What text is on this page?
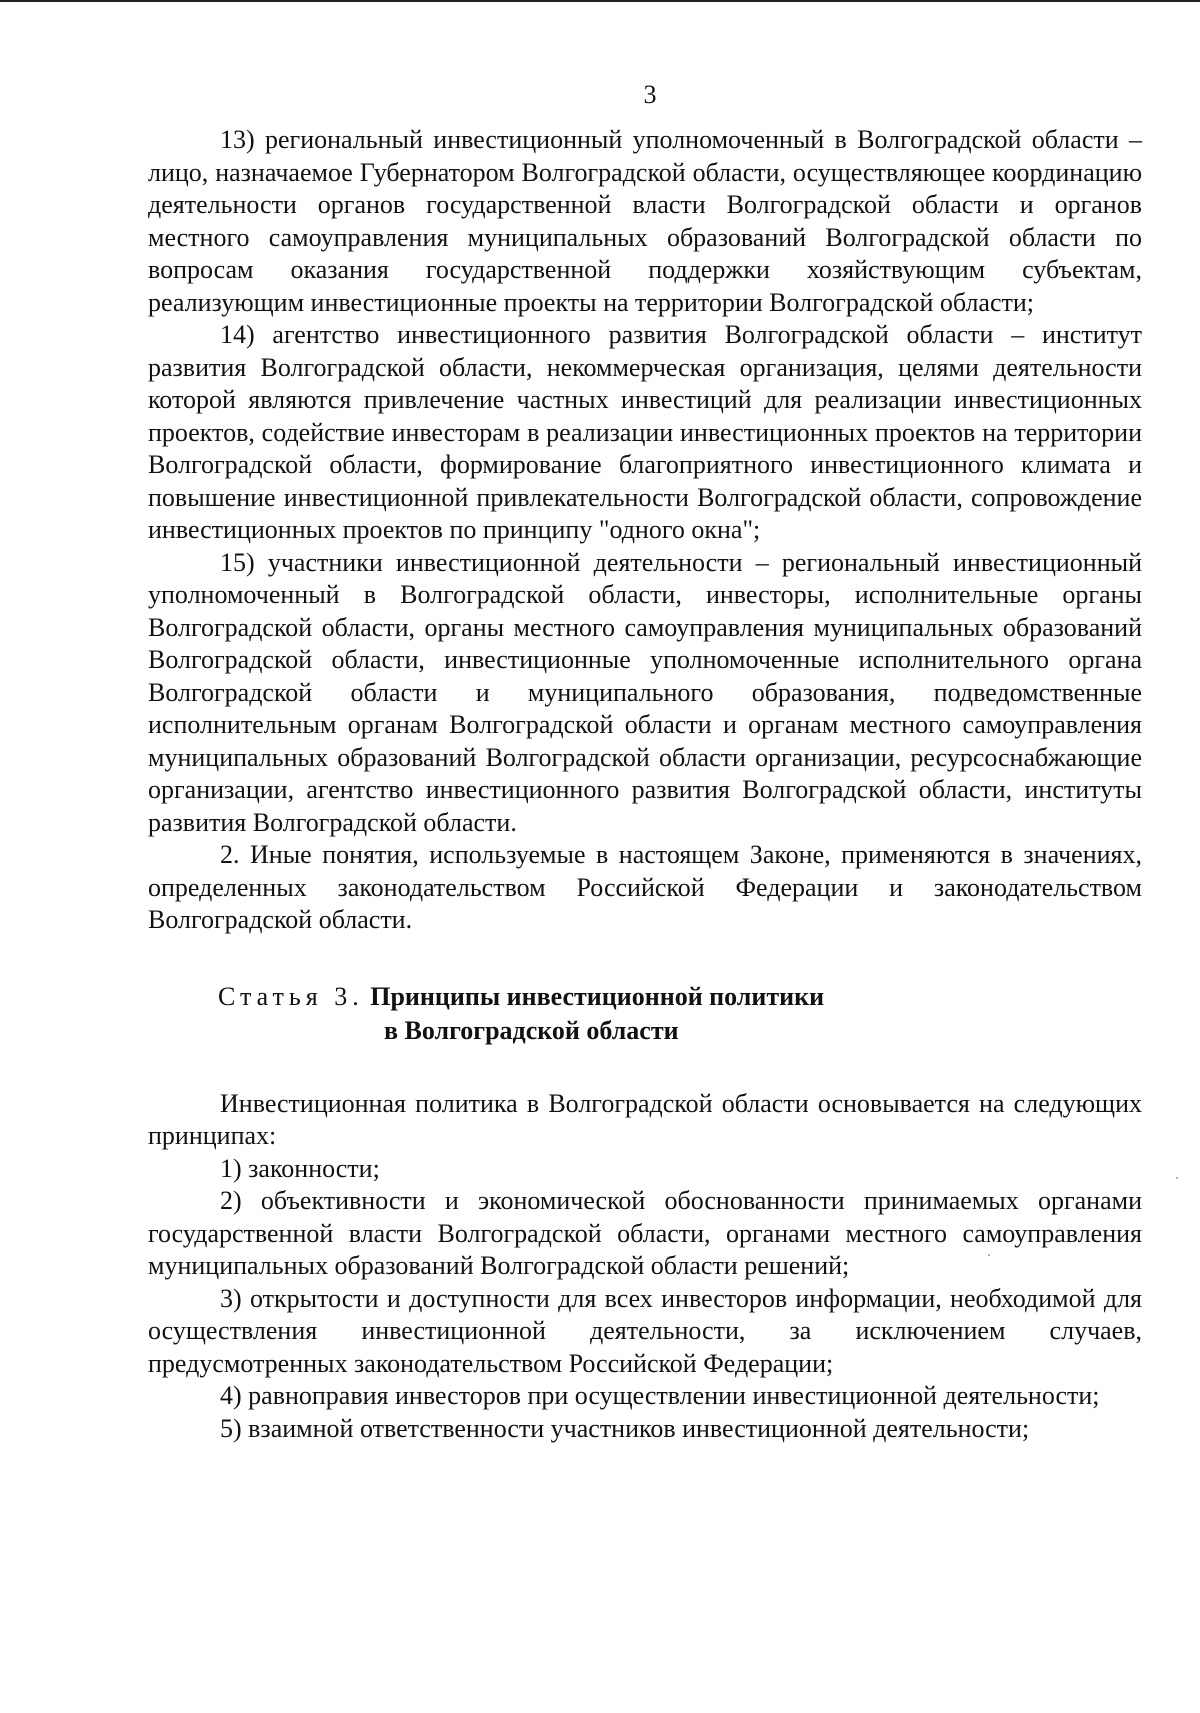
3

13) региональный инвестиционный уполномоченный в Волгоградской области – лицо, назначаемое Губернатором Волгоградской области, осуществляющее координацию деятельности органов государственной власти Волгоградской области и органов местного самоуправления муниципальных образований Волгоградской области по вопросам оказания государственной поддержки хозяйствующим субъектам, реализующим инвестиционные проекты на территории Волгоградской области;

14) агентство инвестиционного развития Волгоградской области – институт развития Волгоградской области, некоммерческая организация, целями деятельности которой являются привлечение частных инвестиций для реализации инвестиционных проектов, содействие инвесторам в реализации инвестиционных проектов на территории Волгоградской области, формирование благоприятного инвестиционного климата и повышение инвестиционной привлекательности Волгоградской области, сопровождение инвестиционных проектов по принципу "одного окна";

15) участники инвестиционной деятельности – региональный инвестиционный уполномоченный в Волгоградской области, инвесторы, исполнительные органы Волгоградской области, органы местного самоуправления муниципальных образований Волгоградской области, инвестиционные уполномоченные исполнительного органа Волгоградской области и муниципального образования, подведомственные исполнительным органам Волгоградской области и органам местного самоуправления муниципальных образований Волгоградской области организации, ресурсоснабжающие организации, агентство инвестиционного развития Волгоградской области, институты развития Волгоградской области.

2. Иные понятия, используемые в настоящем Законе, применяются в значениях, определенных законодательством Российской Федерации и законодательством Волгоградской области.

Статья 3. Принципы инвестиционной политики
в Волгоградской области

Инвестиционная политика в Волгоградской области основывается на следующих принципах:

1) законности;

2) объективности и экономической обоснованности принимаемых органами государственной власти Волгоградской области, органами местного самоуправления муниципальных образований Волгоградской области решений;

3) открытости и доступности для всех инвесторов информации, необходимой для осуществления инвестиционной деятельности, за исключением случаев, предусмотренных законодательством Российской Федерации;

4) равноправия инвесторов при осуществлении инвестиционной деятельности;

5) взаимной ответственности участников инвестиционной деятельности;
